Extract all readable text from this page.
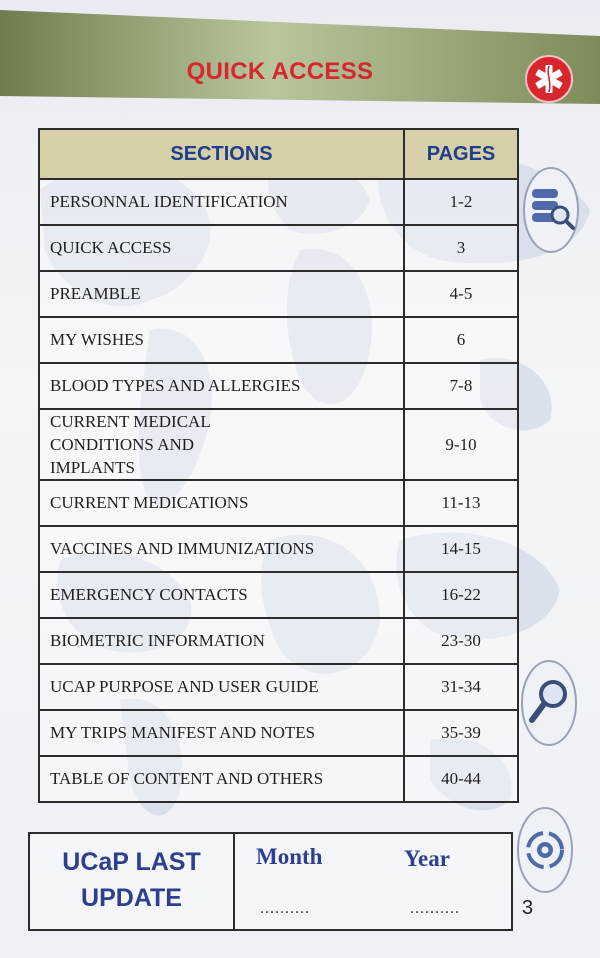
QUICK ACCESS
SECTIONS	PAGES
PERSONNAL IDENTIFICATION	1-2
QUICK ACCESS	3
PREAMBLE	4-5
MY WISHES	6
BLOOD TYPES AND ALLERGIES	7-8
CURRENT MEDICAL CONDITIONS AND IMPLANTS	9-10
CURRENT MEDICATIONS	11-13
VACCINES AND IMMUNIZATIONS	14-15
EMERGENCY CONTACTS	16-22
BIOMETRIC INFORMATION	23-30
UCAP PURPOSE AND USER GUIDE	31-34
MY TRIPS MANIFEST AND NOTES	35-39
TABLE OF CONTENT AND OTHERS	40-44
UCaP LAST
UPDATE
Month	Year
..........	..........	3
